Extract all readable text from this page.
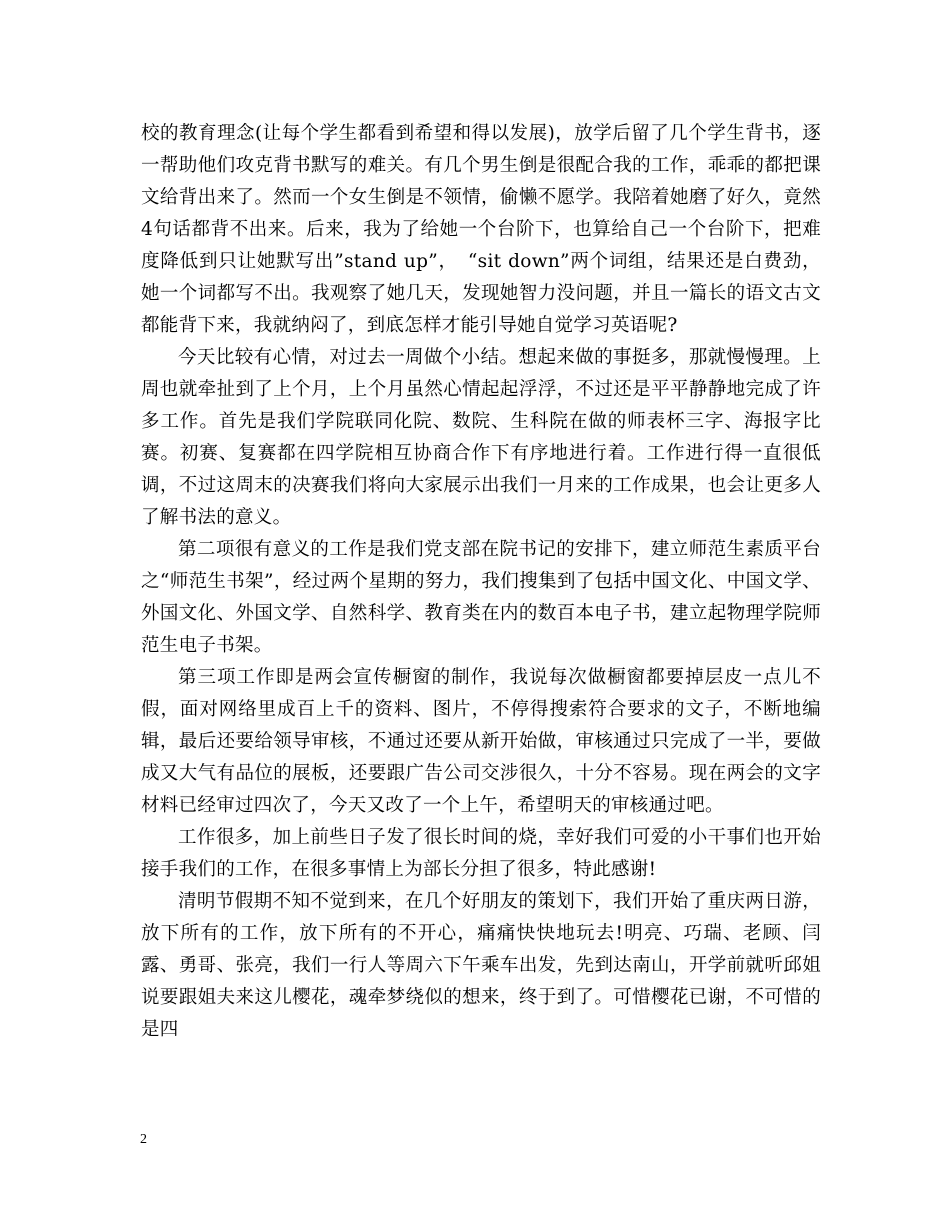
校的教育理念(让每个学生都看到希望和得以发展)，放学后留了几个学生背书，逐一帮助他们攻克背书默写的难关。有几个男生倒是很配合我的工作，乖乖的都把课文给背出来了。然而一个女生倒是不领情，偷懒不愿学。我陪着她磨了好久，竟然4句话都背不出来。后来，我为了给她一个台阶下，也算给自己一个台阶下，把难度降低到只让她默写出”stand up”，　“sit down”两个词组，结果还是白费劲，她一个词都写不出。我观察了她几天，发现她智力没问题，并且一篇长的语文古文都能背下来，我就纳闷了，到底怎样才能引导她自觉学习英语呢?

今天比较有心情，对过去一周做个小结。想起来做的事挺多，那就慢慢理。上周也就牵扯到了上个月，上个月虽然心情起起浮浮，不过还是平平静静地完成了许多工作。首先是我们学院联同化院、数院、生科院在做的师表杯三字、海报字比赛。初赛、复赛都在四学院相互协商合作下有序地进行着。工作进行得一直很低调，不过这周末的决赛我们将向大家展示出我们一月来的工作成果，也会让更多人了解书法的意义。

第二项很有意义的工作是我们党支部在院书记的安排下，建立师范生素质平台之“师范生书架”，经过两个星期的努力，我们搜集到了包括中国文化、中国文学、外国文化、外国文学、自然科学、教育类在内的数百本电子书，建立起物理学院师范生电子书架。

第三项工作即是两会宣传橱窗的制作，我说每次做橱窗都要掉层皮一点儿不假，面对网络里成百上千的资料、图片，不停得搜索符合要求的文子，不断地编辑，最后还要给领导审核，不通过还要从新开始做，审核通过只完成了一半，要做成又大气有品位的展板，还要跟广告公司交涉很久，十分不容易。现在两会的文字材料已经审过四次了，今天又改了一个上午，希望明天的审核通过吧。

工作很多，加上前些日子发了很长时间的烧，幸好我们可爱的小干事们也开始接手我们的工作，在很多事情上为部长分担了很多，特此感谢!

清明节假期不知不觉到来，在几个好朋友的策划下，我们开始了重庆两日游，放下所有的工作，放下所有的不开心，痛痛快快地玩去!明亮、巧瑞、老顾、闫露、勇哥、张亮，我们一行人等周六下午乘车出发，先到达南山，开学前就听邱姐说要跟姐夫来这儿樱花，魂牵梦绕似的想来，终于到了。可惜樱花已谢，不可惜的是四

2
